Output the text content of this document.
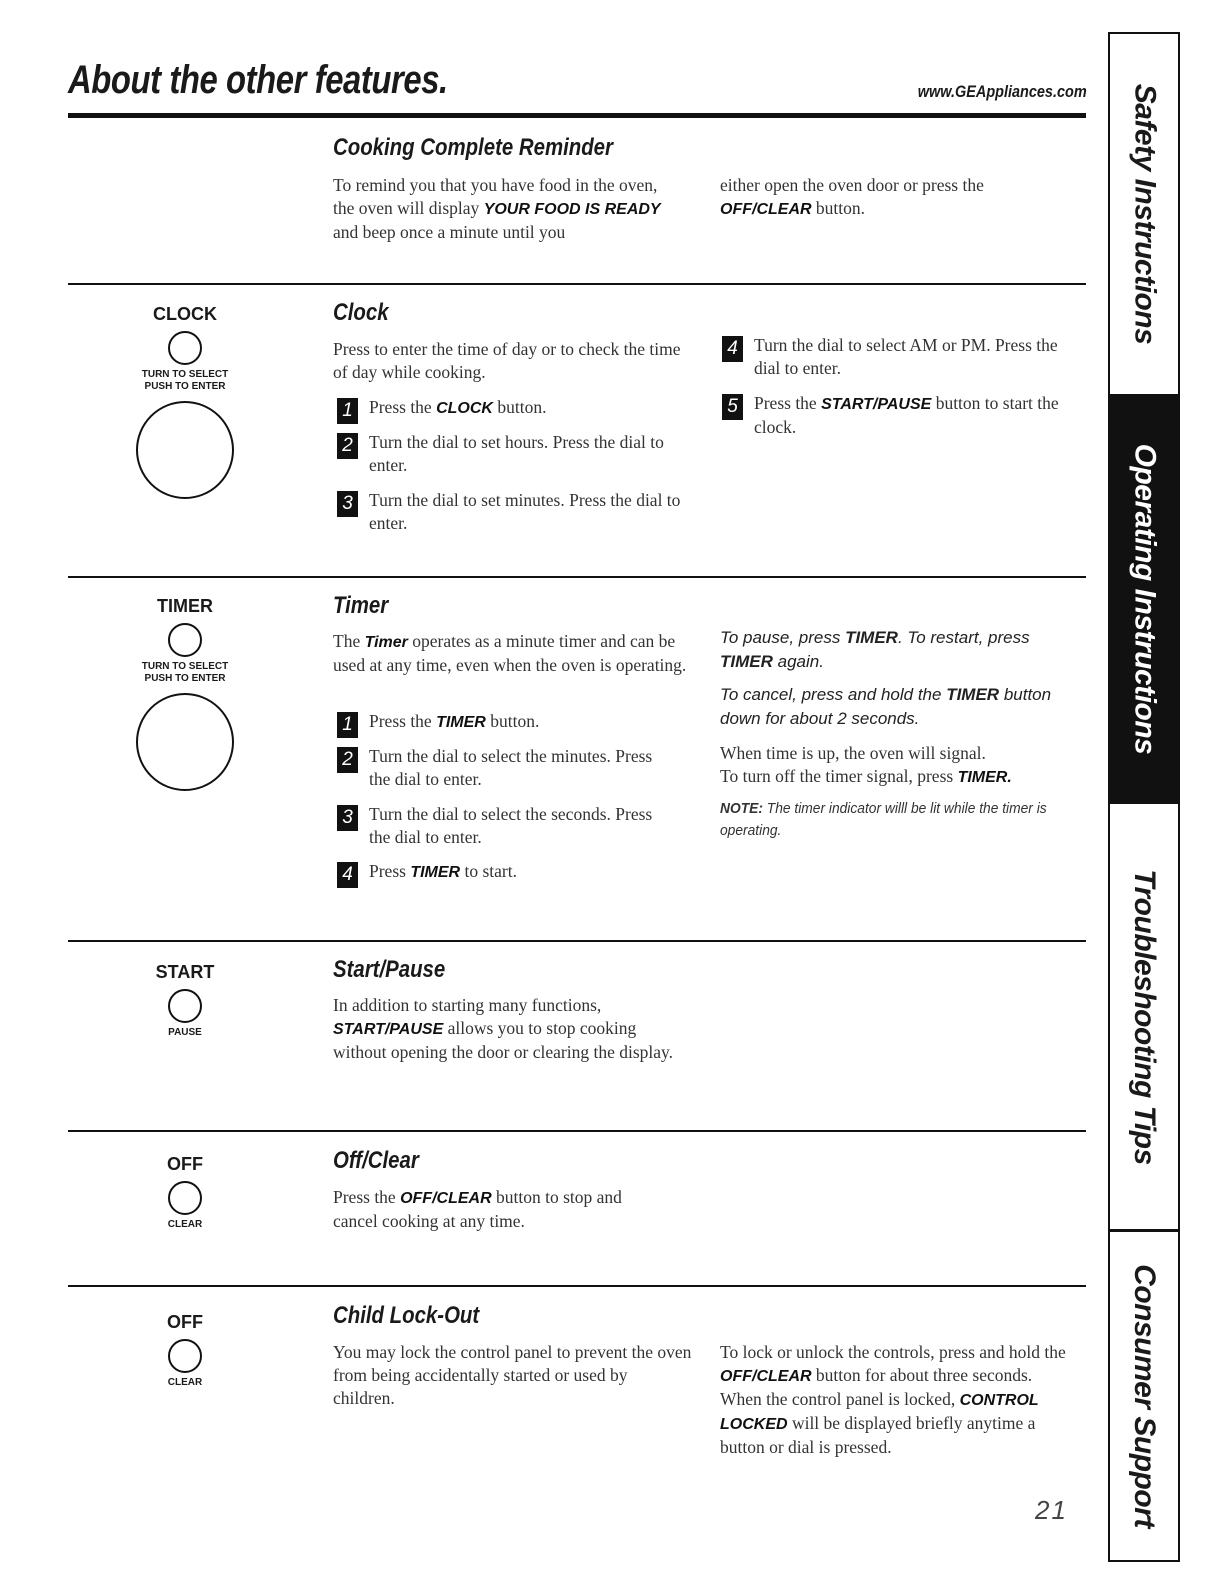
About the other features.	www.GEAppliances.com
Cooking Complete Reminder
To remind you that you have food in the oven, the oven will display YOUR FOOD IS READY and beep once a minute until you
either open the oven door or press the OFF/CLEAR button.
CLOCK
TURN TO SELECT
PUSH TO ENTER
Clock
Press to enter the time of day or to check the time of day while cooking.
1 Press the CLOCK button.
2 Turn the dial to set hours. Press the dial to enter.
3 Turn the dial to set minutes. Press the dial to enter.
4 Turn the dial to select AM or PM. Press the dial to enter.
5 Press the START/PAUSE button to start the clock.
TIMER
TURN TO SELECT
PUSH TO ENTER
Timer
The Timer operates as a minute timer and can be used at any time, even when the oven is operating.
1 Press the TIMER button.
2 Turn the dial to select the minutes. Press the dial to enter.
3 Turn the dial to select the seconds. Press the dial to enter.
4 Press TIMER to start.
To pause, press TIMER. To restart, press TIMER again.
To cancel, press and hold the TIMER button down for about 2 seconds.
When time is up, the oven will signal.
To turn off the timer signal, press TIMER.
NOTE: The timer indicator willl be lit while the timer is operating.
START
PAUSE
Start/Pause
In addition to starting many functions, START/PAUSE allows you to stop cooking without opening the door or clearing the display.
OFF
CLEAR
Off/Clear
Press the OFF/CLEAR button to stop and cancel cooking at any time.
OFF
CLEAR
Child Lock-Out
You may lock the control panel to prevent the oven from being accidentally started or used by children.
To lock or unlock the controls, press and hold the OFF/CLEAR button for about three seconds. When the control panel is locked, CONTROL LOCKED will be displayed briefly anytime a button or dial is pressed.
21
Safety Instructions
Operating Instructions
Troubleshooting Tips
Consumer Support
